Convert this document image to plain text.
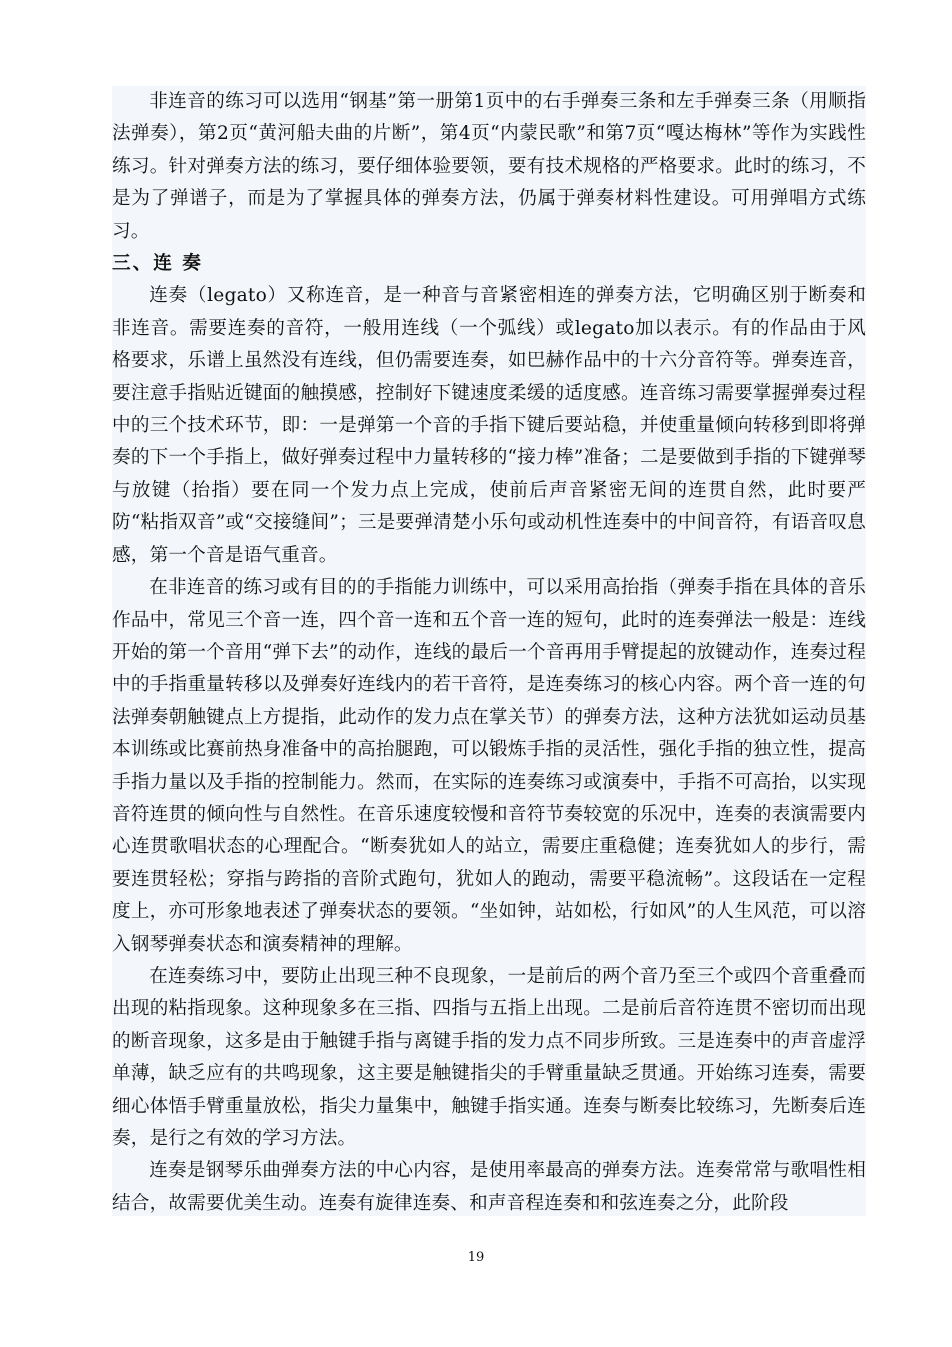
非连音的练习可以选用“钢基”第一册第1页中的右手弹奏三条和左手弹奏三条（用顺指法弹奏），第2页“黄河船夫曲的片断”，第4页“内蒙民歌”和第7页“嘎达梅林”等作为实践性练习。针对弹奏方法的练习，要仔细体验要领，要有技术规格的严格要求。此时的练习，不是为了弹谱子，而是为了掌握具体的弹奏方法，仍属于弹奏材料性建设。可用弹唱方式练习。

三、连 奏

连奏（legato）又称连音，是一种音与音紧密相连的弹奏方法，它明确区别于断奏和非连音。需要连奏的音符，一般用连线（一个弧线）或legato加以表示。有的作品由于风格要求，乐谱上虽然没有连线，但仍需要连奏，如巴赫作品中的十六分音符等。弹奏连音，要注意手指贴近键面的触摸感，控制好下键速度柔缓的适度感。连音练习需要掌握弹奏过程中的三个技术环节，即：一是弹第一个音的手指下键后要站稳，并使重量倾向转移到即将弹奏的下一个手指上，做好弹奏过程中力量转移的“接力棒”准备；二是要做到手指的下键弹琴与放键（抬指）要在同一个发力点上完成，使前后声音紧密无间的连贯自然，此时要严防“粘指双音”或“交接缝间”；三是要弹清楚小乐句或动机性连奏中的中间音符，有语音叹息感，第一个音是语气重音。

在非连音的练习或有目的的手指能力训练中，可以采用高抬指（弹奏手指在具体的音乐作品中，常见三个音一连，四个音一连和五个音一连的短句，此时的连奏弹法一般是：连线开始的第一个音用“弹下去”的动作，连线的最后一个音再用手臂提起的放键动作，连奏过程中的手指重量转移以及弹奏好连线内的若干音符，是连奏练习的核心内容。两个音一连的句法弹奏朝触键点上方提指，此动作的发力点在掌关节）的弹奏方法，这种方法犹如运动员基本训练或比赛前热身准备中的高抬腿跑，可以锻炼手指的灵活性，强化手指的独立性，提高手指力量以及手指的控制能力。然而，在实际的连奏练习或演奏中，手指不可高抬，以实现音符连贯的倾向性与自然性。在音乐速度较慢和音符节奏较宽的乐况中，连奏的表演需要内心连贯歌唱状态的心理配合。“断奏犹如人的站立，需要庄重稳健；连奏犹如人的步行，需要连贯轻松；穿指与跨指的音阶式跑句，犹如人的跑动，需要平稳流畅”。这段话在一定程度上，亦可形象地表述了弹奏状态的要领。“坐如钟，站如松，行如风”的人生风范，可以溶入钢琴弹奏状态和演奏精神的理解。

在连奏练习中，要防止出现三种不良现象，一是前后的两个音乃至三个或四个音重叠而出现的粘指现象。这种现象多在三指、四指与五指上出现。二是前后音符连贯不密切而出现的断音现象，这多是由于触键手指与离键手指的发力点不同步所致。三是连奏中的声音虚浮单薄，缺乏应有的共鸣现象，这主要是触键指尖的手臂重量缺乏贯通。开始练习连奏，需要细心体悟手臂重量放松，指尖力量集中，触键手指实通。连奏与断奏比较练习，先断奏后连奏，是行之有效的学习方法。

连奏是钢琴乐曲弹奏方法的中心内容，是使用率最高的弹奏方法。连奏常常与歌唱性相结合，故需要优美生动。连奏有旋律连奏、和声音程连奏和和弦连奏之分，此阶段

19
